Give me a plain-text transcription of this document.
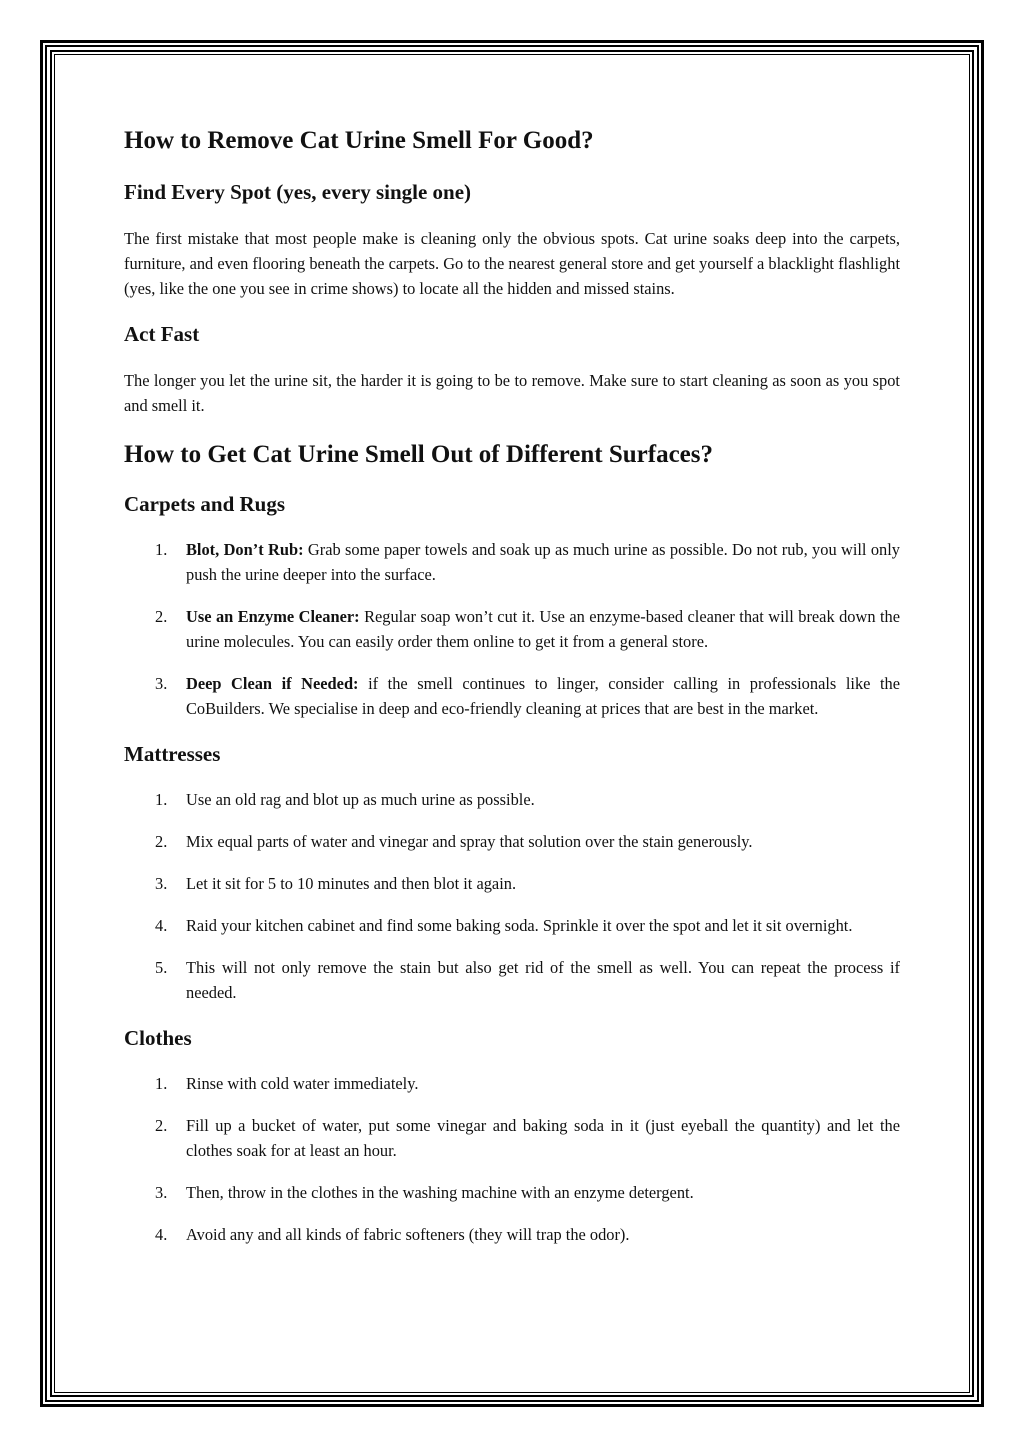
How to Remove Cat Urine Smell For Good?
Find Every Spot (yes, every single one)

The first mistake that most people make is cleaning only the obvious spots. Cat urine soaks deep into the carpets, furniture, and even flooring beneath the carpets. Go to the nearest general store and get yourself a blacklight flashlight (yes, like the one you see in crime shows) to locate all the hidden and missed stains.

Act Fast

The longer you let the urine sit, the harder it is going to be to remove. Make sure to start cleaning as soon as you spot and smell it.

How to Get Cat Urine Smell Out of Different Surfaces?
Carpets and Rugs
1. Blot, Don’t Rub: Grab some paper towels and soak up as much urine as possible. Do not rub, you will only push the urine deeper into the surface.
2. Use an Enzyme Cleaner: Regular soap won’t cut it. Use an enzyme-based cleaner that will break down the urine molecules. You can easily order them online to get it from a general store.
3. Deep Clean if Needed: if the smell continues to linger, consider calling in professionals like the CoBuilders. We specialise in deep and eco-friendly cleaning at prices that are best in the market.
Mattresses
1. Use an old rag and blot up as much urine as possible.
2. Mix equal parts of water and vinegar and spray that solution over the stain generously.
3. Let it sit for 5 to 10 minutes and then blot it again.
4. Raid your kitchen cabinet and find some baking soda. Sprinkle it over the spot and let it sit overnight.
5. This will not only remove the stain but also get rid of the smell as well. You can repeat the process if needed.
Clothes
1. Rinse with cold water immediately.
2. Fill up a bucket of water, put some vinegar and baking soda in it (just eyeball the quantity) and let the clothes soak for at least an hour.
3. Then, throw in the clothes in the washing machine with an enzyme detergent.
4. Avoid any and all kinds of fabric softeners (they will trap the odor).
